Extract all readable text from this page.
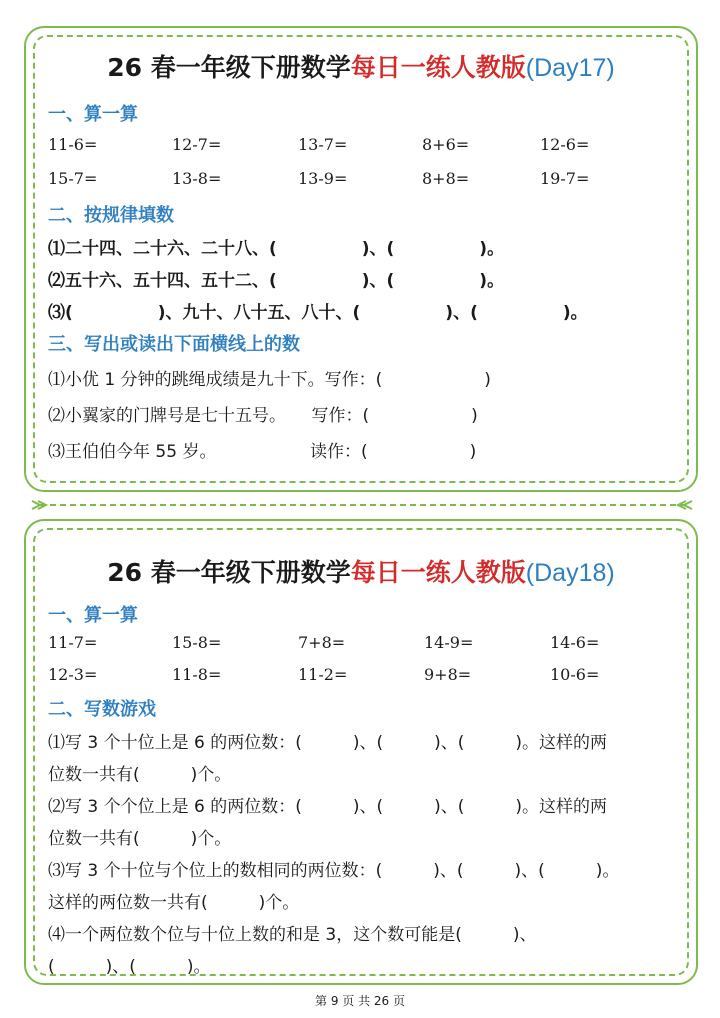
26 春一年级下册数学每日一练人教版(Day17)
一、算一算
11-6=	12-7=	13-7=	8+6=	12-6=
15-7=	13-8=	13-9=	8+8=	19-7=
二、按规律填数
⑴二十四、二十六、二十八、(　　　　　)、(　　　　　)。
⑵五十六、五十四、五十二、(　　　　　)、(　　　　　)。
⑶(　　　　　)、九十、八十五、八十、(　　　　　)、(　　　　　)。
三、写出或读出下面横线上的数
⑴小优 1 分钟的跳绳成绩是九十下。写作：(　　　　　　)
⑵小翼家的门牌号是七十五号。　　写作：(　　　　　　)
⑶王伯伯今年 55 岁。　　　　　　读作：(　　　　　　)
26 春一年级下册数学每日一练人教版(Day18)
一、算一算
11-7=	15-8=	7+8=	14-9=	14-6=
12-3=	11-8=	11-2=	9+8=	10-6=
二、写数游戏
⑴写 3 个十位上是 6 的两位数：(　　　)、(　　　)、(　　　)。这样的两
位数一共有(　　　)个。
⑵写 3 个个位上是 6 的两位数：(　　　)、(　　　)、(　　　)。这样的两
位数一共有(　　　)个。
⑶写 3 个十位与个位上的数相同的两位数：(　　　)、(　　　)、(　　　)。
这样的两位数一共有(　　　)个。
⑷一个两位数个位与十位上数的和是 3，这个数可能是(　　　)、
(　　　)、(　　　)。
第 9 页 共 26 页
